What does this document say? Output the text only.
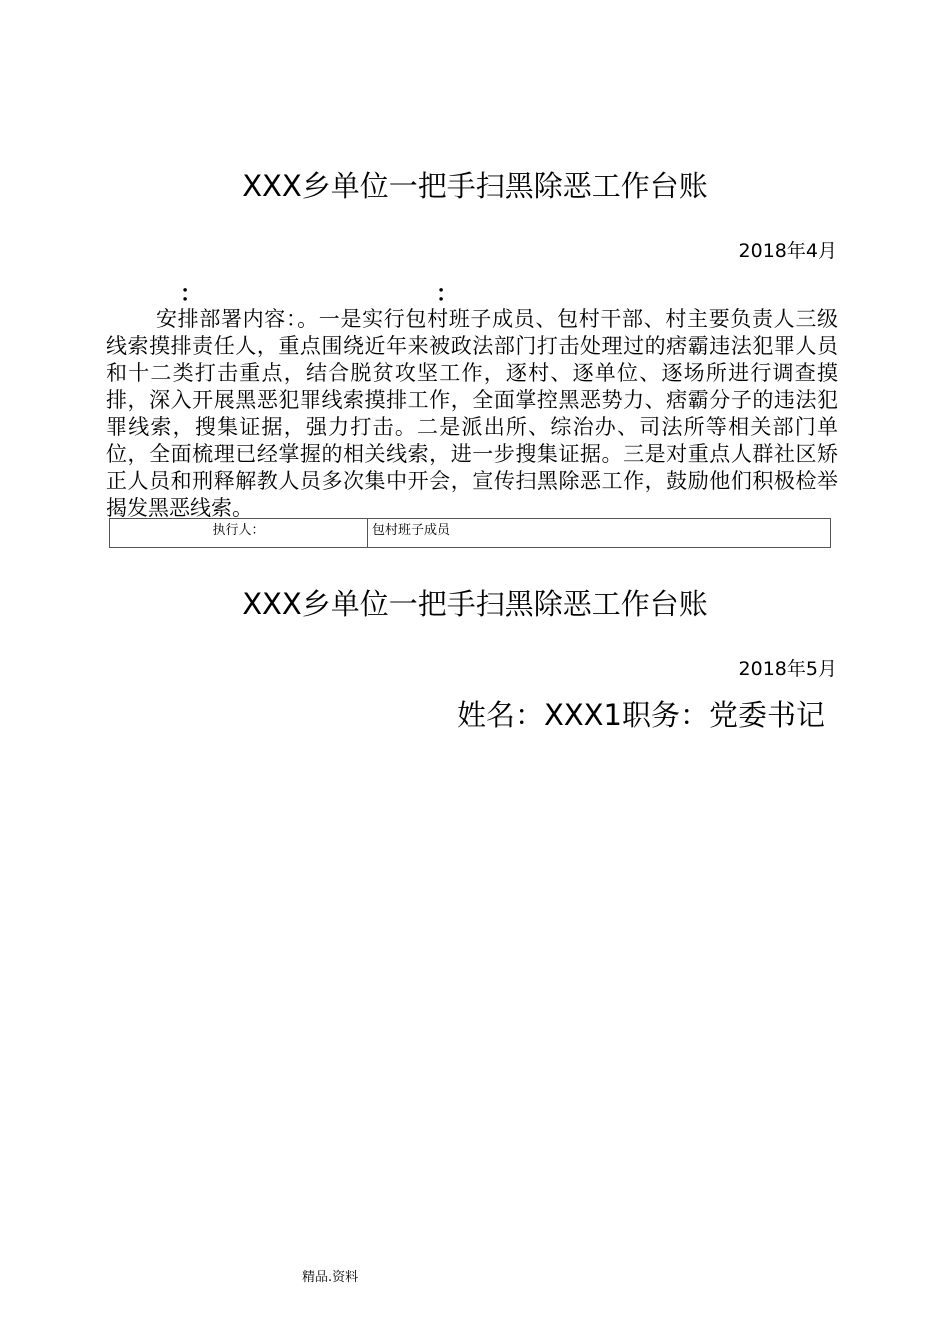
XXX乡单位一把手扫黑除恶工作台账
2018年4月
：	：

安排部署内容：。一是实行包村班子成员、包村干部、村主要负责人三级线索摸排责任人，重点围绕近年来被政法部门打击处理过的痞霸违法犯罪人员和十二类打击重点，结合脱贫攻坚工作，逐村、逐单位、逐场所进行调查摸排，深入开展黑恶犯罪线索摸排工作，全面掌控黑恶势力、痞霸分子的违法犯罪线索，搜集证据，强力打击。二是派出所、综治办、司法所等相关部门单位，全面梳理已经掌握的相关线索，进一步搜集证据。三是对重点人群社区矫正人员和刑释解教人员多次集中开会，宣传扫黑除恶工作，鼓励他们积极检举揭发黑恶线索。

执行人：	包村班子成员
XXX乡单位一把手扫黑除恶工作台账
2018年5月
姓名：XXX1职务：党委书记
精品.资料
